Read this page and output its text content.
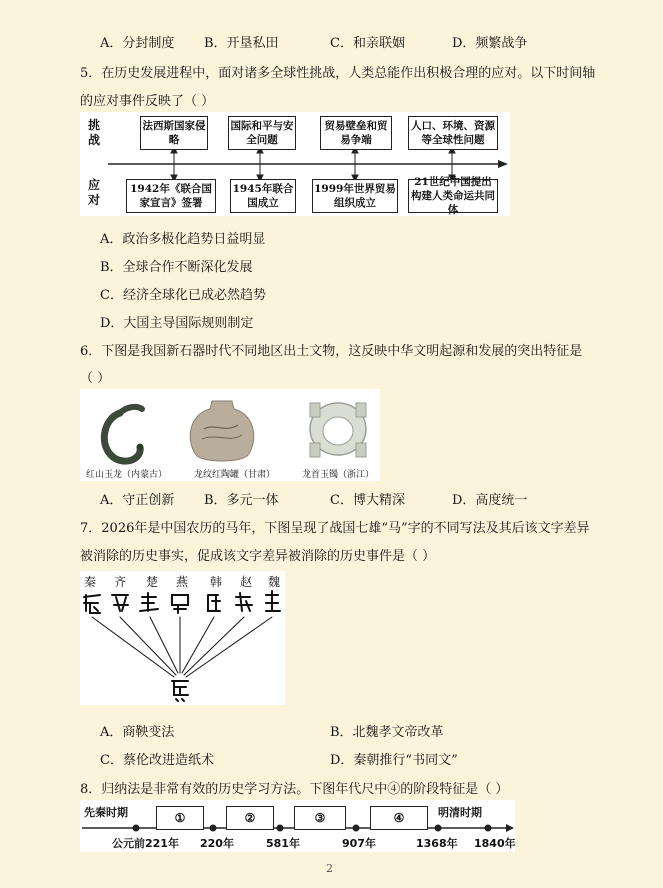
A．分封制度 B．开垦私田	C．和亲联姻	D．频繁战争
5．在历史发展进程中，面对诸多全球性挑战，人类总能作出积极合理的应对。以下时间轴
的应对事件反映了（ ）
挑战
应对
法西斯国家侵略
国际和平与安全问题
贸易壁垒和贸易争端
人口、环境、资源等全球性问题
1942年《联合国家宣言》签署
1945年联合国成立
1999年世界贸易组织成立
21世纪中国提出构建人类命运共同体
A．政治多极化趋势日益明显
B．全球合作不断深化发展
C．经济全球化已成必然趋势
D．大国主导国际规则制定
6．下图是我国新石器时代不同地区出土文物，这反映中华文明起源和发展的突出特征是
（ ）
红山玉龙（内蒙古）	龙纹红陶罐（甘肃）	龙首玉镯（浙江）
A．守正创新 B．多元一体	C．博大精深	D．高度统一
7．2026年是中国农历的马年，下图呈现了战国七雄“马”字的不同写法及其后该文字差异
被消除的历史事实，促成该文字差异被消除的历史事件是（ ）
秦 齐 楚 燕 韩 赵 魏
A．商鞅变法	B．北魏孝文帝改革
C．蔡伦改进造纸术	D．秦朝推行“书同文”
8．归纳法是非常有效的历史学习方法。下图年代尺中④的阶段特征是（ ）
先秦时期	明清时期
①	②	③	④
公元前221年 220年	581年	907年	1368年 1840年
2
